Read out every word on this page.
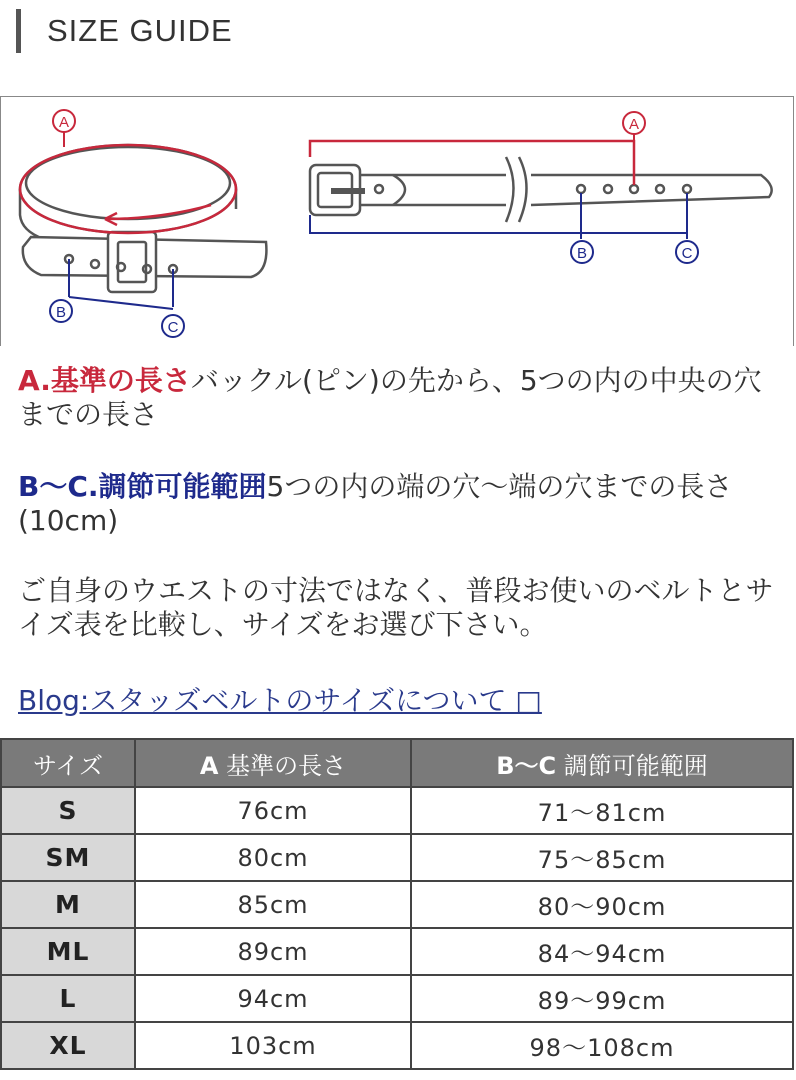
SIZE GUIDE
A
B
C
A
B	C
A.基準の長さバックル(ピン)の先から、5つの内の中央の穴までの長さ
B〜C.調節可能範囲5つの内の端の穴〜端の穴までの長さ(10cm)
ご自身のウエストの寸法ではなく、普段お使いのベルトとサイズ表を比較し、サイズをお選び下さい。
Blog:スタッズベルトのサイズについて □
サイズ	A 基準の長さ	B〜C 調節可能範囲
S	76cm	71〜81cm
SM	80cm	75〜85cm
M	85cm	80〜90cm
ML	89cm	84〜94cm
L	94cm	89〜99cm
XL	103cm	98〜108cm
